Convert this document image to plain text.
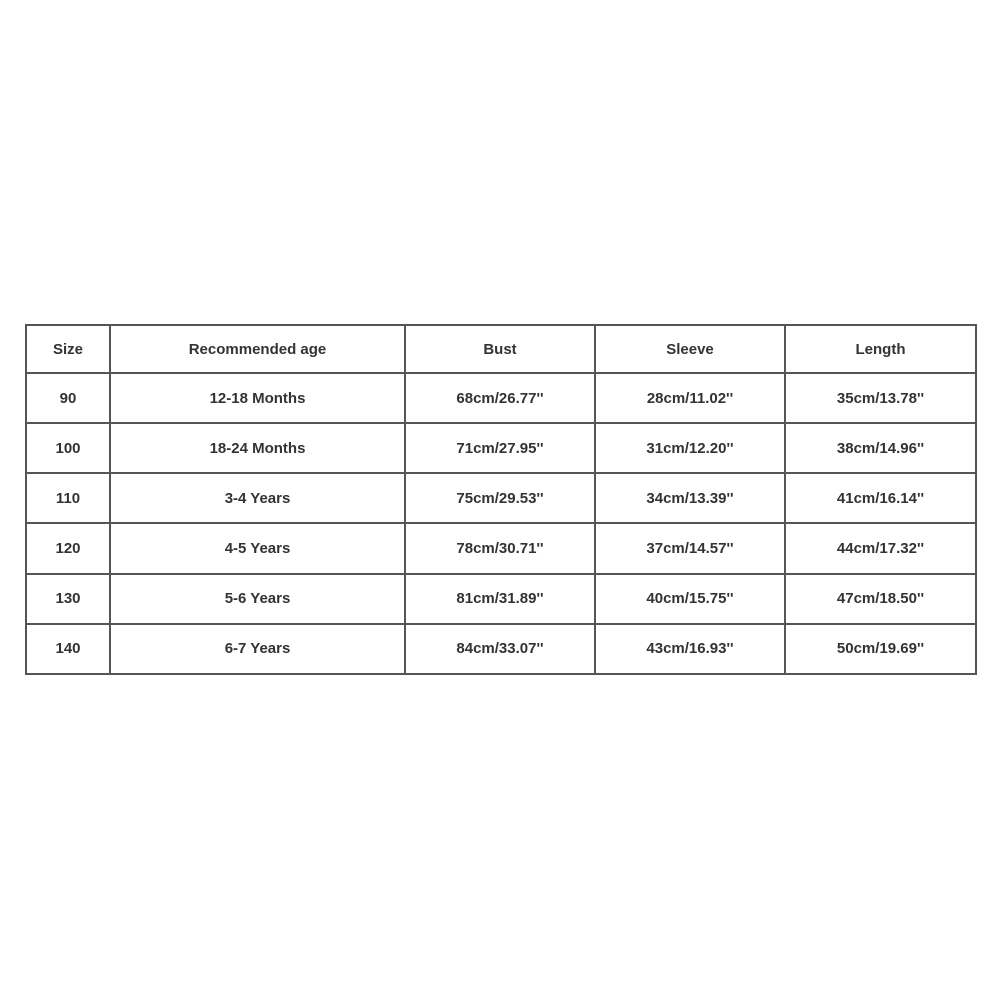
Size	Recommended age	Bust	Sleeve	Length
90	12-18 Months	68cm/26.77''	28cm/11.02''	35cm/13.78''
100	18-24 Months	71cm/27.95''	31cm/12.20''	38cm/14.96''
110	3-4 Years	75cm/29.53''	34cm/13.39''	41cm/16.14''
120	4-5 Years	78cm/30.71''	37cm/14.57''	44cm/17.32''
130	5-6 Years	81cm/31.89''	40cm/15.75''	47cm/18.50''
140	6-7 Years	84cm/33.07''	43cm/16.93''	50cm/19.69''
